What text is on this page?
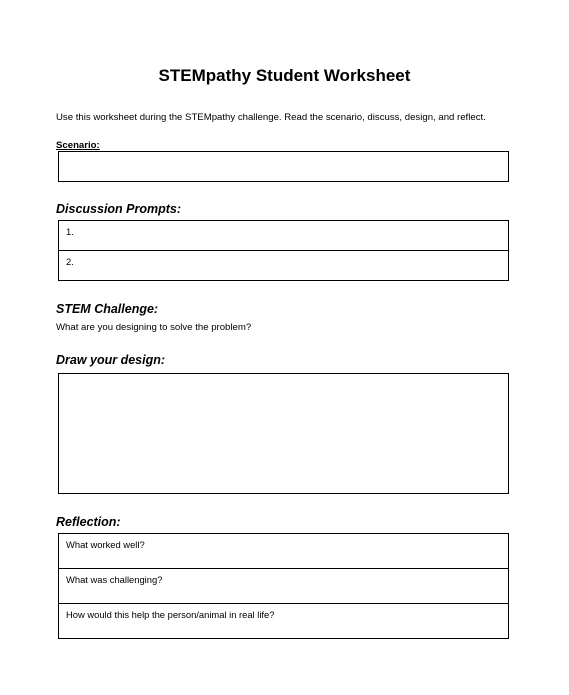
STEMpathy Student Worksheet
Use this worksheet during the STEMpathy challenge. Read the scenario, discuss, design, and reflect.
Scenario:
Discussion Prompts:
1.
2.
STEM Challenge:
What are you designing to solve the problem?
Draw your design:
Reflection:
What worked well?
What was challenging?
How would this help the person/animal in real life?
